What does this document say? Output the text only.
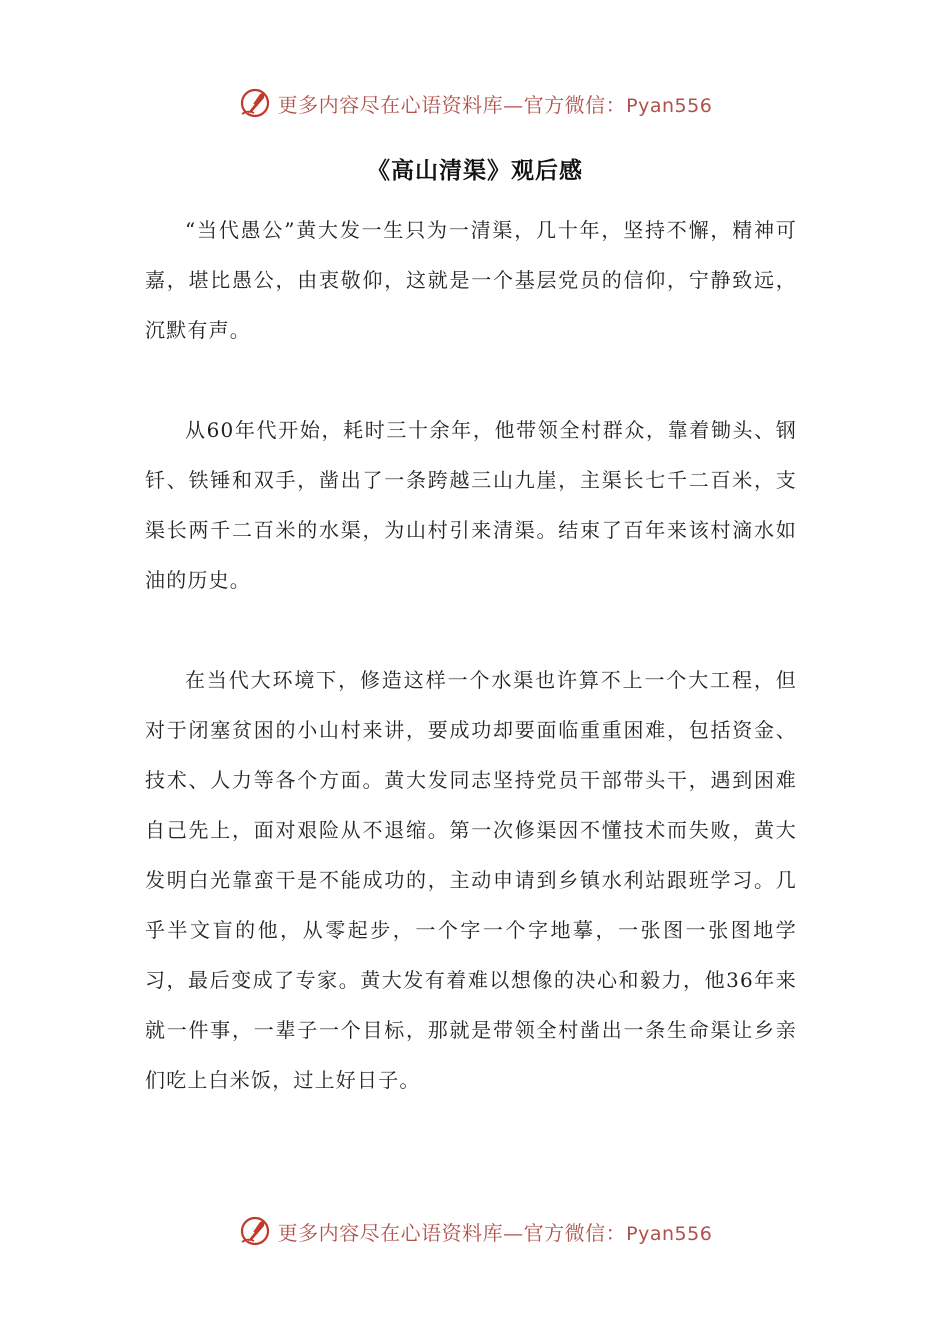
更多内容尽在心语资料库—官方微信：Pyan556
《高山清渠》观后感

“当代愚公”黄大发一生只为一清渠，几十年，坚持不懈，精神可嘉，堪比愚公，由衷敬仰，这就是一个基层党员的信仰，宁静致远，沉默有声。

从60年代开始，耗时三十余年，他带领全村群众，靠着锄头、钢钎、铁锤和双手，凿出了一条跨越三山九崖，主渠长七千二百米，支渠长两千二百米的水渠，为山村引来清渠。结束了百年来该村滴水如油的历史。

在当代大环境下，修造这样一个水渠也许算不上一个大工程，但对于闭塞贫困的小山村来讲，要成功却要面临重重困难，包括资金、技术、人力等各个方面。黄大发同志坚持党员干部带头干，遇到困难自己先上，面对艰险从不退缩。第一次修渠因不懂技术而失败，黄大发明白光靠蛮干是不能成功的，主动申请到乡镇水利站跟班学习。几乎半文盲的他，从零起步，一个字一个字地摹，一张图一张图地学习，最后变成了专家。黄大发有着难以想像的决心和毅力，他36年来就一件事，一辈子一个目标，那就是带领全村凿出一条生命渠让乡亲们吃上白米饭，过上好日子。

更多内容尽在心语资料库—官方微信：Pyan556
